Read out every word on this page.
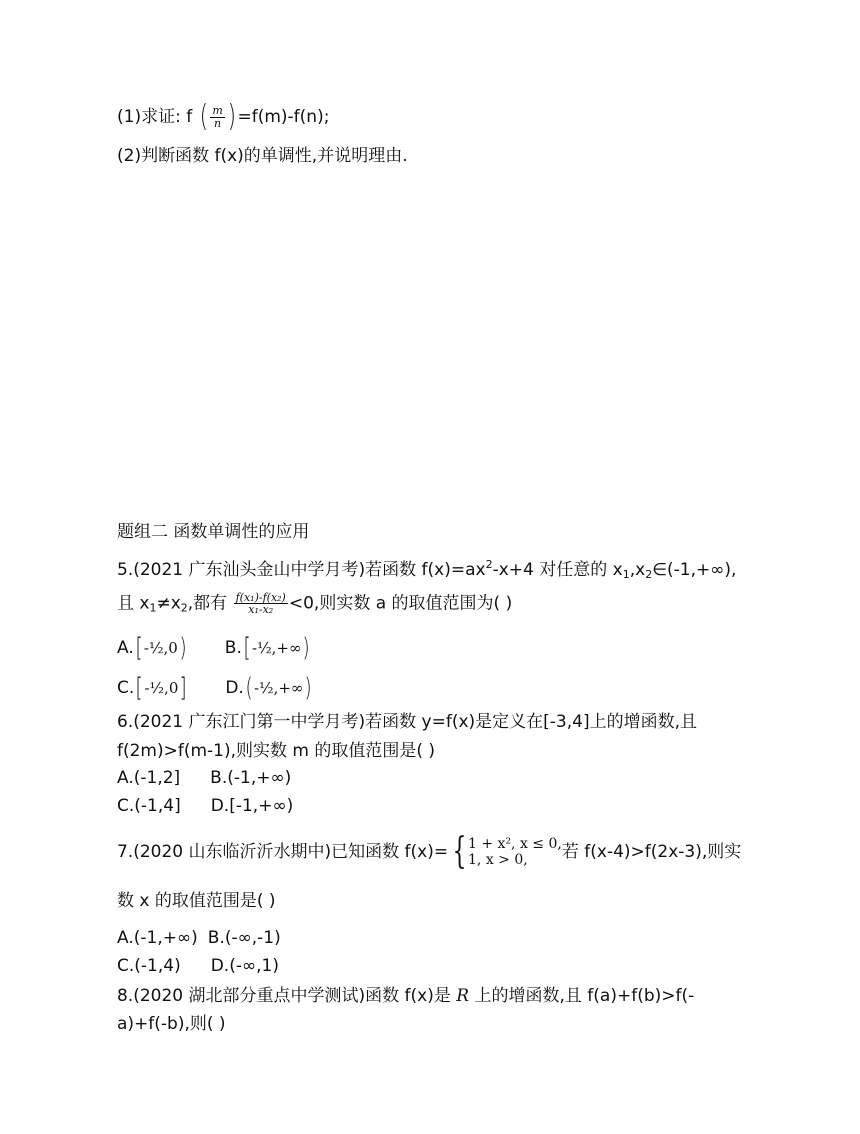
(1)求证: f ( $\frac{m}{n}$ ) =f(m)-f(n);
(2)判断函数 f(x)的单调性,并说明理由.
题组二 函数单调性的应用
5.(2021 广东汕头金山中学月考)若函数 $f(x)=ax^2-x+4$ 对任意的 $x_1,x_2\in(-1,+\infty)$,
且 $x_1\ne x_2$,都有 $\frac{\text{f(x₁)-f(x₂)}}{\text{x₁-x₂}} <0$,则实数 a 的取值范围为( )
A.[ -½,0) B.[ -½,+∞)
C.[ -½,0] D.( -½,+∞)
6.(2021 广东江门第一中学月考)若函数 y=f(x)是定义在[-3,4]上的增函数,且
f(2m)>f(m-1),则实数 m 的取值范围是( )
A.(-1,2] B.(-1,+∞)
C.(-1,4] D.[-1,+∞)
7.(2020 山东临沂沂水期中)已知函数 f(x)= { 1 + x², x ≤ 0,
1, x > 0,	若 f(x-4)>f(2x-3),则实
数 x 的取值范围是( )
A.(-1,+∞) B.(-∞,-1)
C.(-1,4) D.(-∞,1)
8.(2020 湖北部分重点中学测试)函数 f(x)是 R 上的增函数,且 f(a)+f(b)>f(-
a)+f(-b),则( )
